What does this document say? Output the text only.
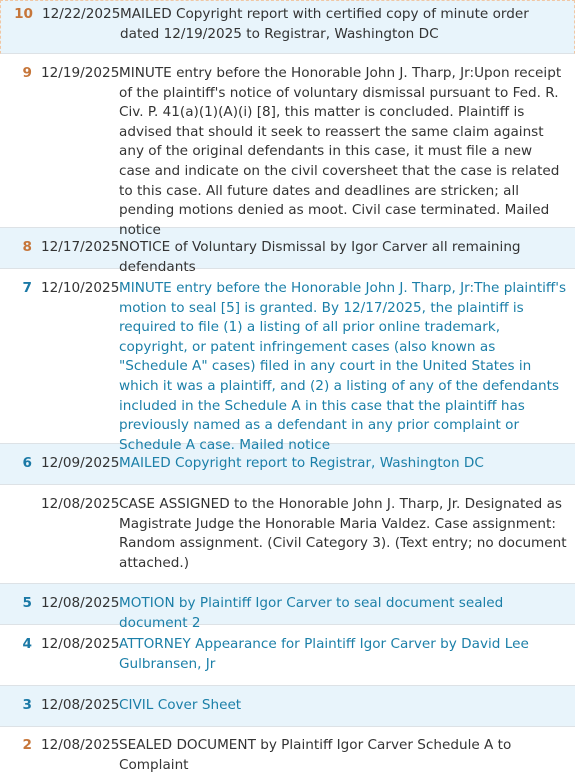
10 12/22/2025 MAILED Copyright report with certified copy of minute order dated 12/19/2025 to Registrar, Washington DC
9 12/19/2025 MINUTE entry before the Honorable John J. Tharp, Jr:Upon receipt of the plaintiff's notice of voluntary dismissal pursuant to Fed. R. Civ. P. 41(a)(1)(A)(i) [8], this matter is concluded. Plaintiff is advised that should it seek to reassert the same claim against any of the original defendants in this case, it must file a new case and indicate on the civil coversheet that the case is related to this case. All future dates and deadlines are stricken; all pending motions denied as moot. Civil case terminated. Mailed notice
8 12/17/2025 NOTICE of Voluntary Dismissal by Igor Carver all remaining defendants
7 12/10/2025 MINUTE entry before the Honorable John J. Tharp, Jr:The plaintiff's motion to seal [5] is granted. By 12/17/2025, the plaintiff is required to file (1) a listing of all prior online trademark, copyright, or patent infringement cases (also known as "Schedule A" cases) filed in any court in the United States in which it was a plaintiff, and (2) a listing of any of the defendants included in the Schedule A in this case that the plaintiff has previously named as a defendant in any prior complaint or Schedule A case. Mailed notice
6 12/09/2025 MAILED Copyright report to Registrar, Washington DC
12/08/2025 CASE ASSIGNED to the Honorable John J. Tharp, Jr. Designated as Magistrate Judge the Honorable Maria Valdez. Case assignment: Random assignment. (Civil Category 3). (Text entry; no document attached.)
5 12/08/2025 MOTION by Plaintiff Igor Carver to seal document sealed document 2
4 12/08/2025 ATTORNEY Appearance for Plaintiff Igor Carver by David Lee Gulbransen, Jr
3 12/08/2025 CIVIL Cover Sheet
2 12/08/2025 SEALED DOCUMENT by Plaintiff Igor Carver Schedule A to Complaint
